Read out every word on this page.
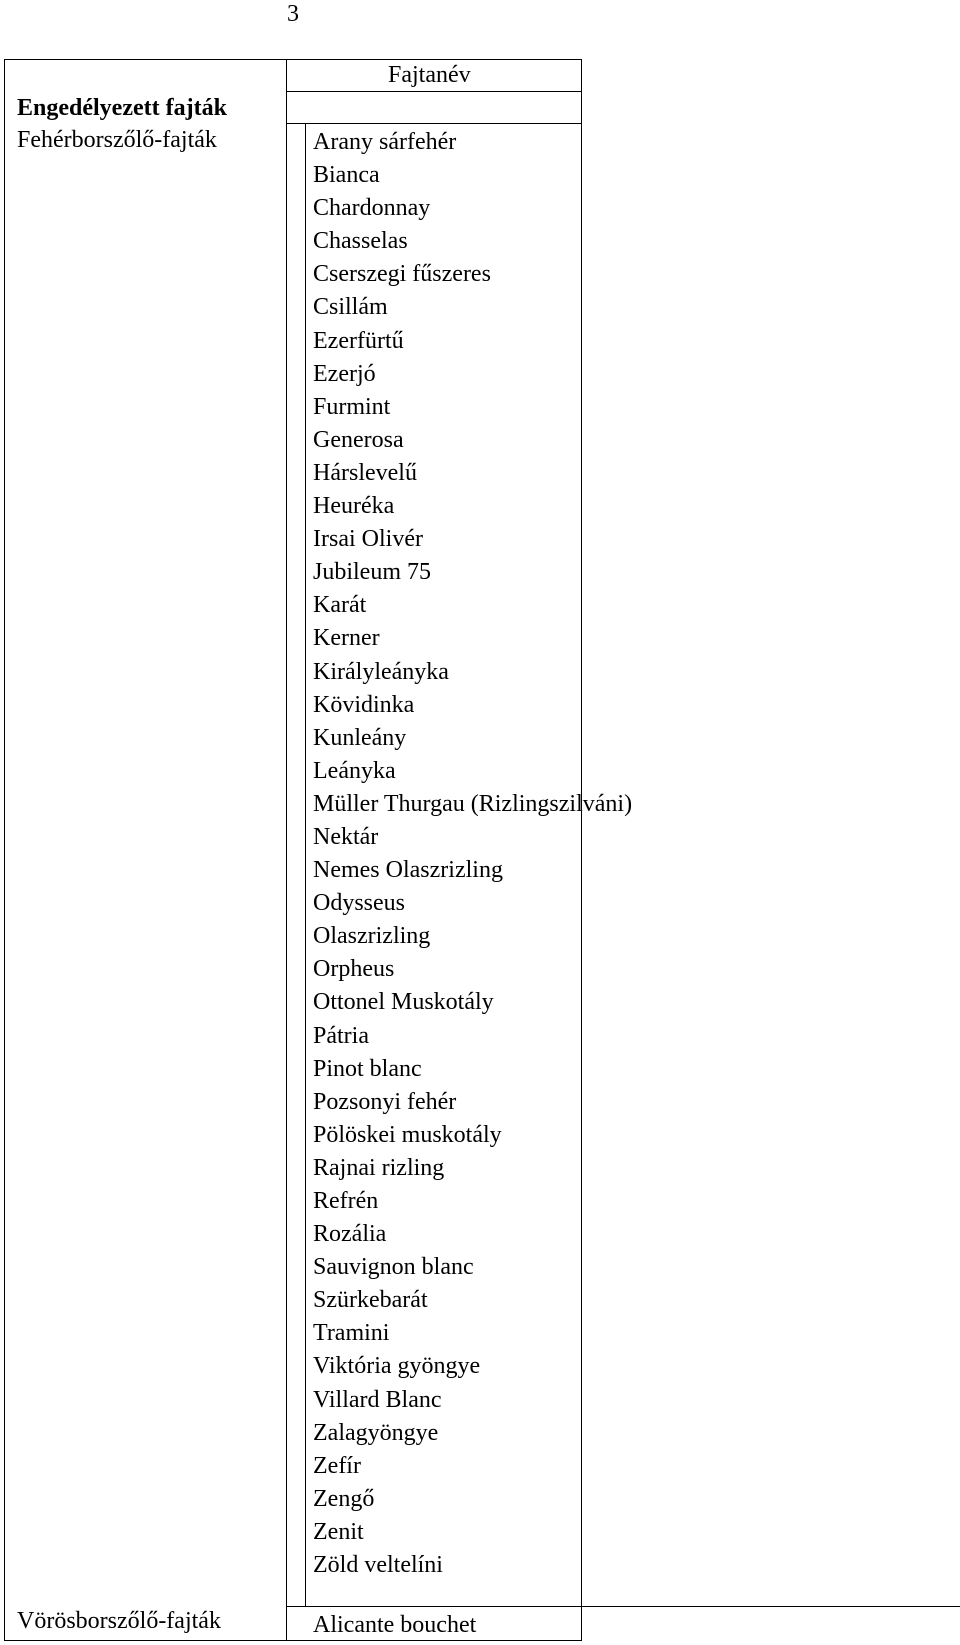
3
Fajtanév
Engedélyezett fajták
Fehérborszőlő-fajták
Vörösborszőlő-fajták
Arany sárfehér
Bianca
Chardonnay
Chasselas
Cserszegi fűszeres
Csillám
Ezerfürtű
Ezerjó
Furmint
Generosa
Hárslevelű
Heuréka
Irsai Olivér
Jubileum 75
Karát
Kerner
Királyleányka
Kövidinka
Kunleány
Leányka
Müller Thurgau (Rizlingszilváni)
Nektár
Nemes Olaszrizling
Odysseus
Olaszrizling
Orpheus
Ottonel Muskotály
Pátria
Pinot blanc
Pozsonyi fehér
Pölöskei muskotály
Rajnai rizling
Refrén
Rozália
Sauvignon blanc
Szürkebarát
Tramini
Viktória gyöngye
Villard Blanc
Zalagyöngye
Zefír
Zengő
Zenit
Zöld veltelíni
Alicante bouchet
